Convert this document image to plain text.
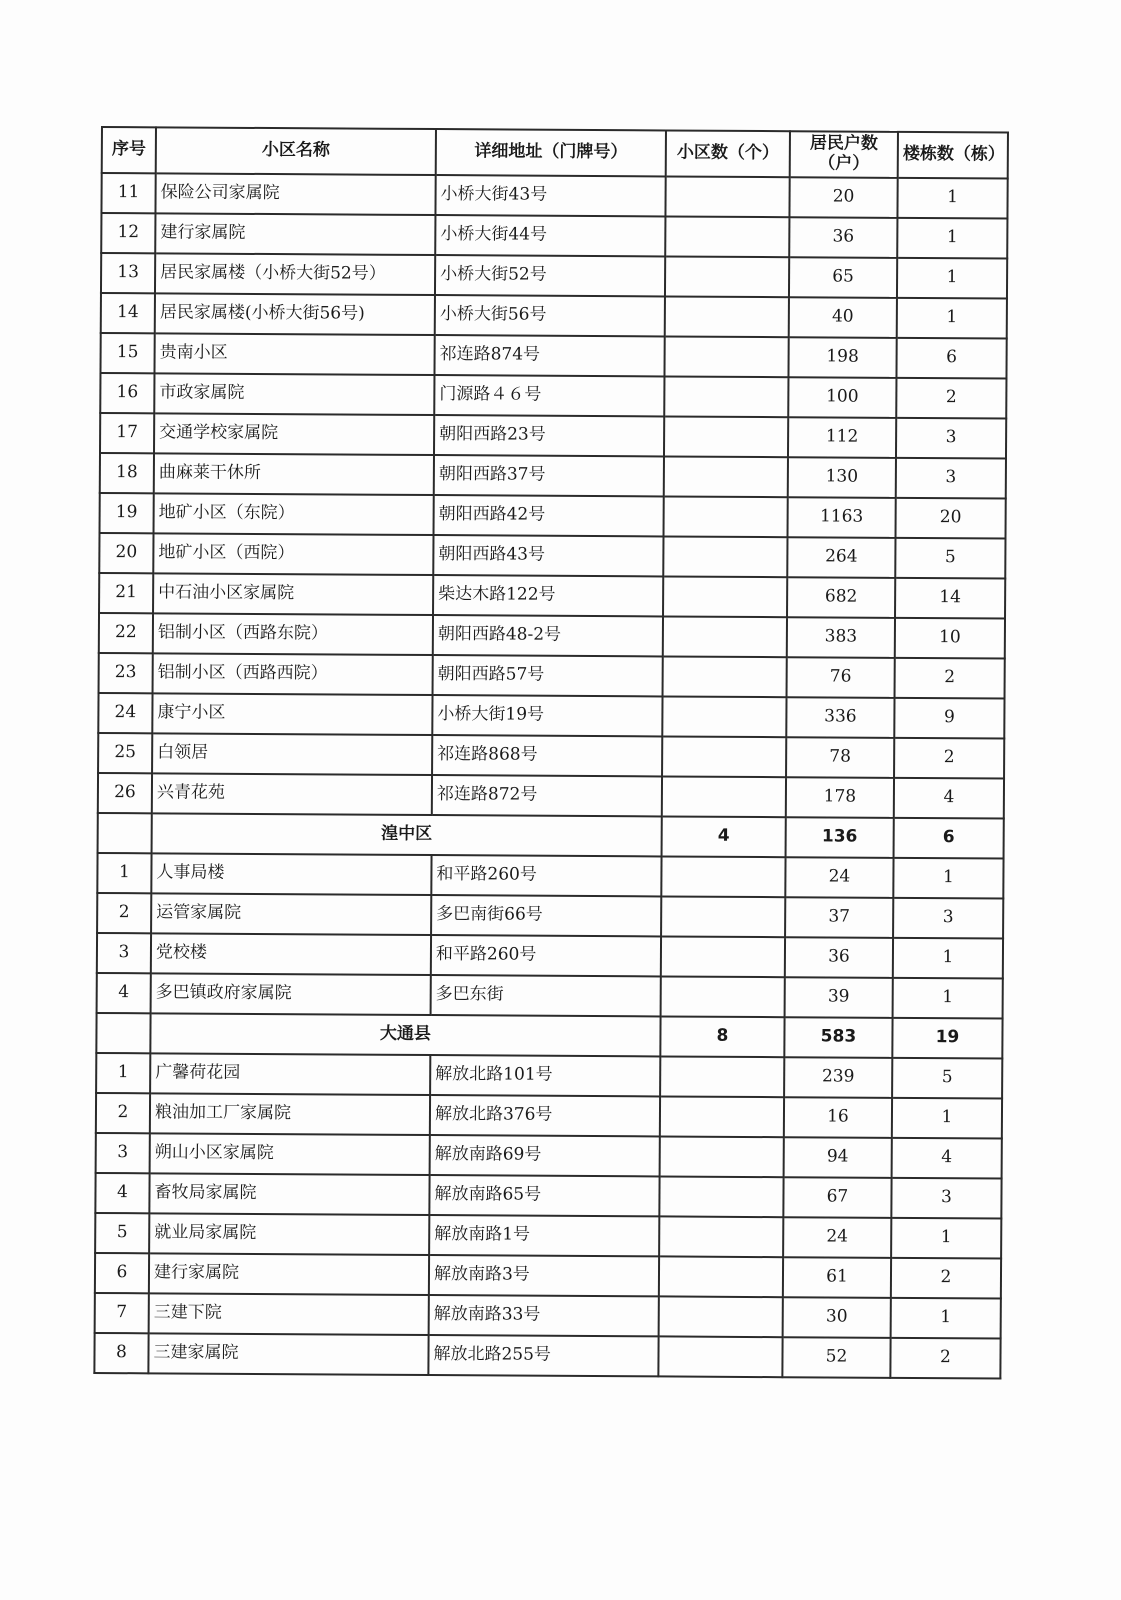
序号	小区名称	详细地址（门牌号）	小区数（个）	居民户数（户）	楼栋数（栋）
11	保险公司家属院	小桥大街43号		20	1
12	建行家属院	小桥大街44号		36	1
13	居民家属楼（小桥大街52号）	小桥大街52号		65	1
14	居民家属楼(小桥大街56号)	小桥大街56号		40	1
15	贵南小区	祁连路874号		198	6
16	市政家属院	门源路４６号		100	2
17	交通学校家属院	朝阳西路23号		112	3
18	曲麻莱干休所	朝阳西路37号		130	3
19	地矿小区（东院）	朝阳西路42号		1163	20
20	地矿小区（西院）	朝阳西路43号		264	5
21	中石油小区家属院	柴达木路122号		682	14
22	铝制小区（西路东院）	朝阳西路48-2号		383	10
23	铝制小区（西路西院）	朝阳西路57号		76	2
24	康宁小区	小桥大街19号		336	9
25	白领居	祁连路868号		78	2
26	兴青花苑	祁连路872号		178	4
	湟中区		4	136	6
1	人事局楼	和平路260号		24	1
2	运管家属院	多巴南街66号		37	3
3	党校楼	和平路260号		36	1
4	多巴镇政府家属院	多巴东街		39	1
	大通县		8	583	19
1	广馨荷花园	解放北路101号		239	5
2	粮油加工厂家属院	解放北路376号		16	1
3	朔山小区家属院	解放南路69号		94	4
4	畜牧局家属院	解放南路65号		67	3
5	就业局家属院	解放南路1号		24	1
6	建行家属院	解放南路3号		61	2
7	三建下院	解放南路33号		30	1
8	三建家属院	解放北路255号		52	2
